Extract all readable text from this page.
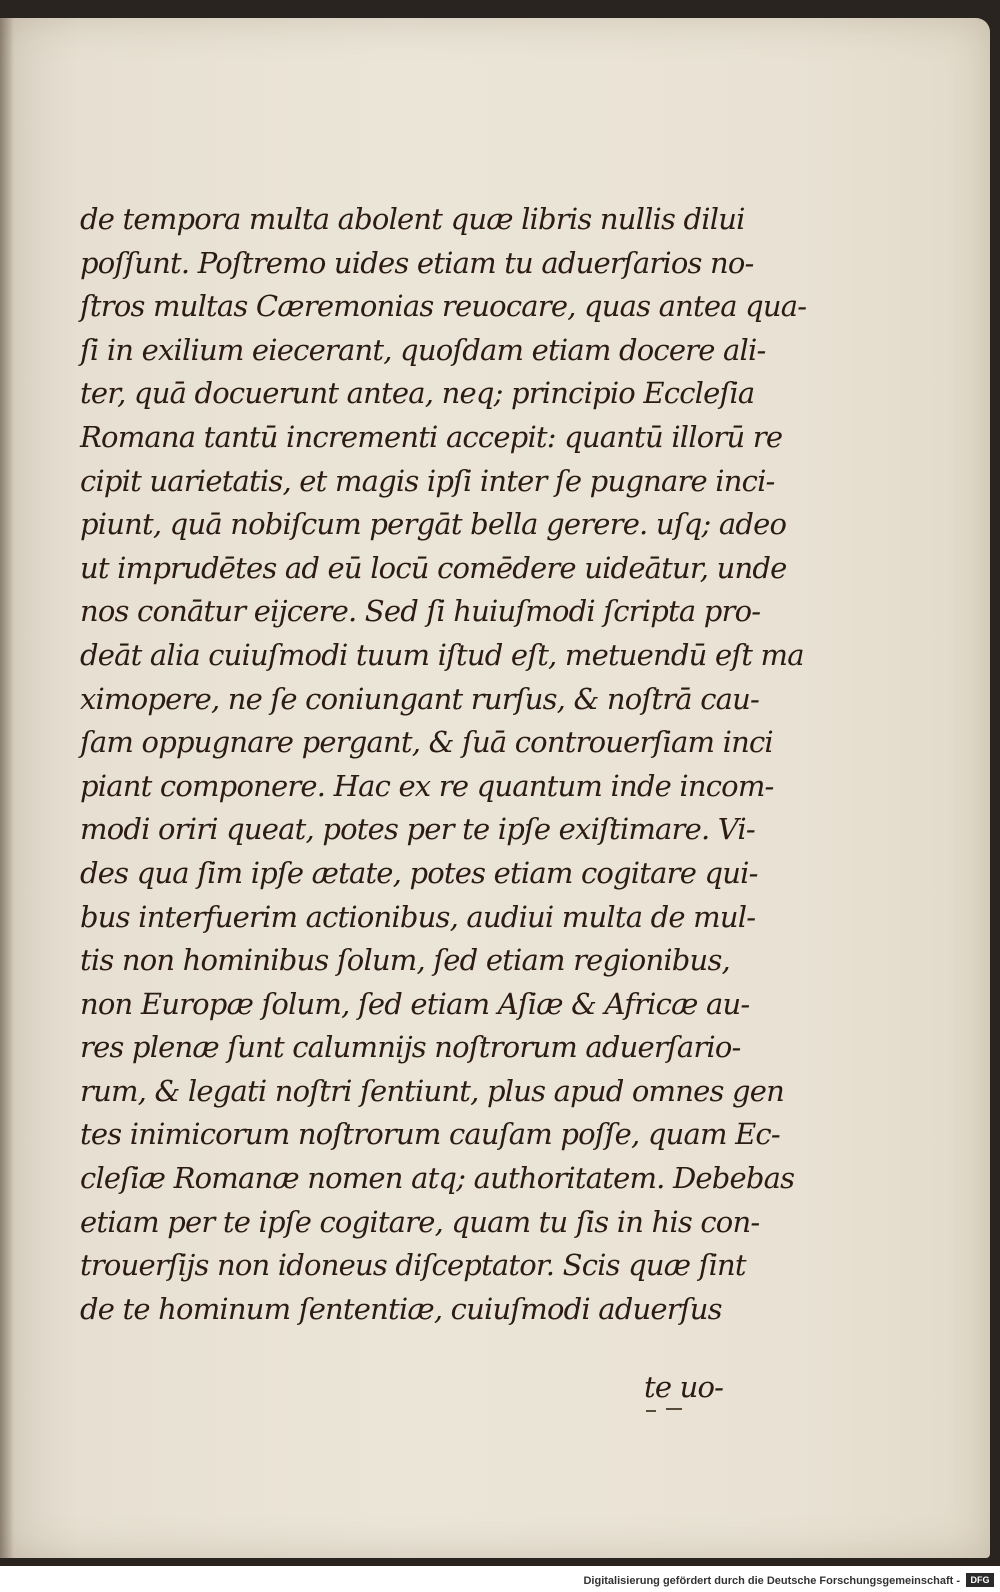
de tempora multa abolent quæ libris nullis dilui
poſſunt. Poſtremo uides etiam tu aduerſarios no-
ſtros multas Cæremonias reuocare, quas antea qua-
ſi in exilium eiecerant, quoſdam etiam docere ali-
ter, quā docuerunt antea, neq; principio Eccleſia
Romana tantū incrementi accepit: quantū illorū re
cipit uarietatis, et magis ipſi inter ſe pugnare inci-
piunt, quā nobiſcum pergāt bella gerere. uſq; adeo
ut imprudētes ad eū locū comēdere uideātur, unde
nos conātur eijcere. Sed ſi huiuſmodi ſcripta pro-
deāt alia cuiuſmodi tuum iſtud eſt, metuendū eſt ma
ximopere, ne ſe coniungant rurſus, & noſtrā cau-
ſam oppugnare pergant, & ſuā controuerſiam inci
piant componere. Hac ex re quantum inde incom-
modi oriri queat, potes per te ipſe exiſtimare. Vi-
des qua ſim ipſe ætate, potes etiam cogitare qui-
bus interfuerim actionibus, audiui multa de mul-
tis non hominibus ſolum, ſed etiam regionibus,
non Europæ ſolum, ſed etiam Aſiæ & Africæ au-
res plenæ ſunt calumnijs noſtrorum aduerſario-
rum, & legati noſtri ſentiunt, plus apud omnes gen
tes inimicorum noſtrorum cauſam poſſe, quam Ec-
cleſiæ Romanæ nomen atq; authoritatem. Debebas
etiam per te ipſe cogitare, quam tu ſis in his con-
trouerſijs non idoneus diſceptator. Scis quæ ſint
de te hominum ſententiæ, cuiuſmodi aduerſus
te uo-
Digitalisierung gefördert durch die Deutsche Forschungsgemeinschaft -	DFG
